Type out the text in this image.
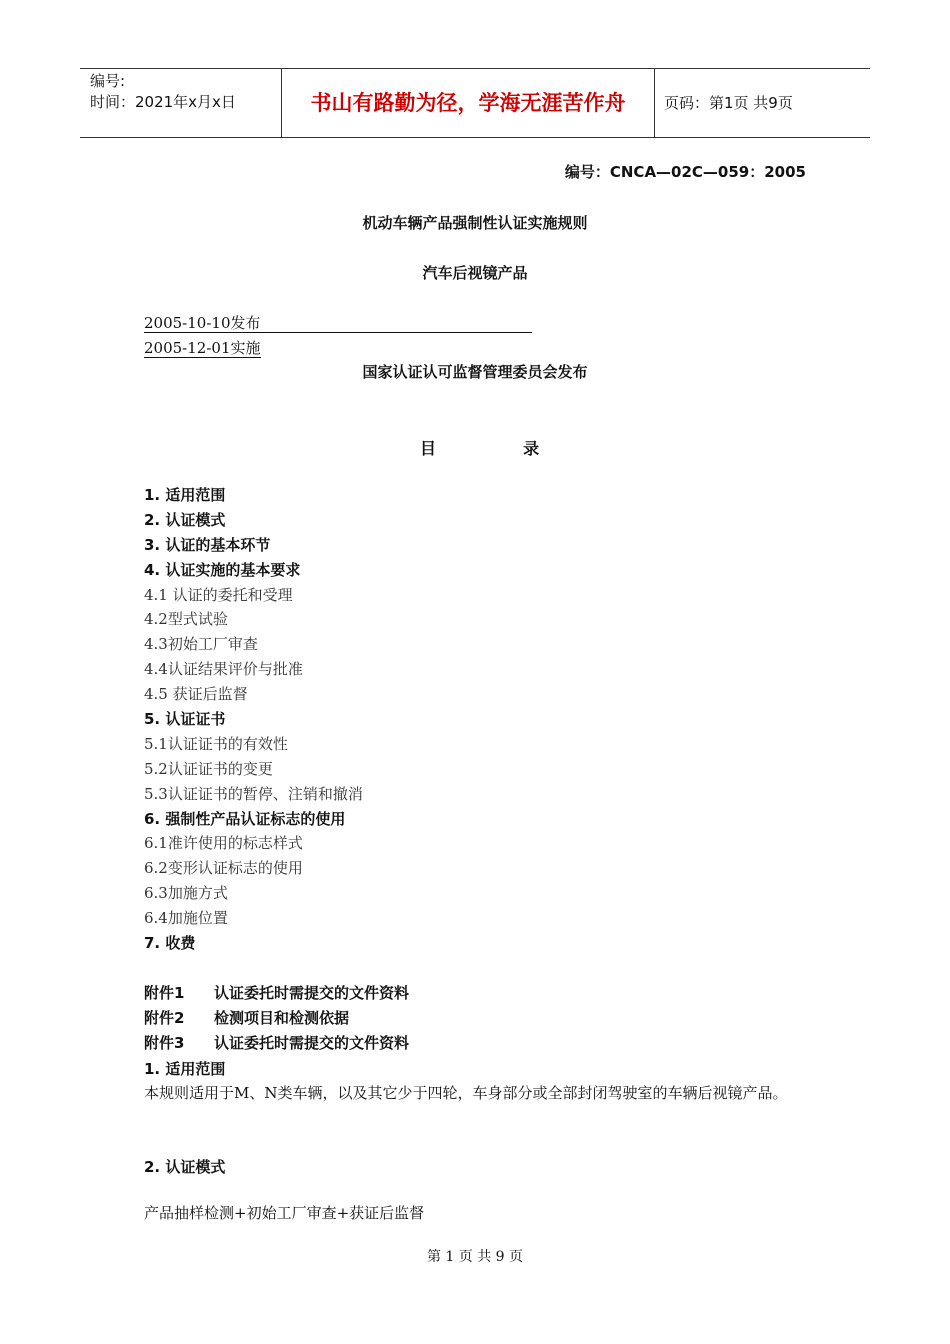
编号:
时间：2021年x月x日	书山有路勤为径，学海无涯苦作舟	页码：第1页 共9页
编号：CNCA—02C—059：2005
机动车辆产品强制性认证实施规则
汽车后视镜产品
2005-10-10发布
2005-12-01实施
国家认证认可监督管理委员会发布
目	录
1. 适用范围
2. 认证模式
3. 认证的基本环节
4. 认证实施的基本要求
4.1 认证的委托和受理
4.2型式试验
4.3初始工厂审查
4.4认证结果评价与批准
4.5 获证后监督
5. 认证证书
5.1认证证书的有效性
5.2认证证书的变更
5.3认证证书的暂停、注销和撤消
6. 强制性产品认证标志的使用
6.1准许使用的标志样式
6.2变形认证标志的使用
6.3加施方式
6.4加施位置
7. 收费
附件1 认证委托时需提交的文件资料
附件2 检测项目和检测依据
附件3 认证委托时需提交的文件资料
1. 适用范围
本规则适用于M、N类车辆，以及其它少于四轮，车身部分或全部封闭驾驶室的车辆后视镜产品。
2. 认证模式
产品抽样检测+初始工厂审查+获证后监督
第 1 页 共 9 页
